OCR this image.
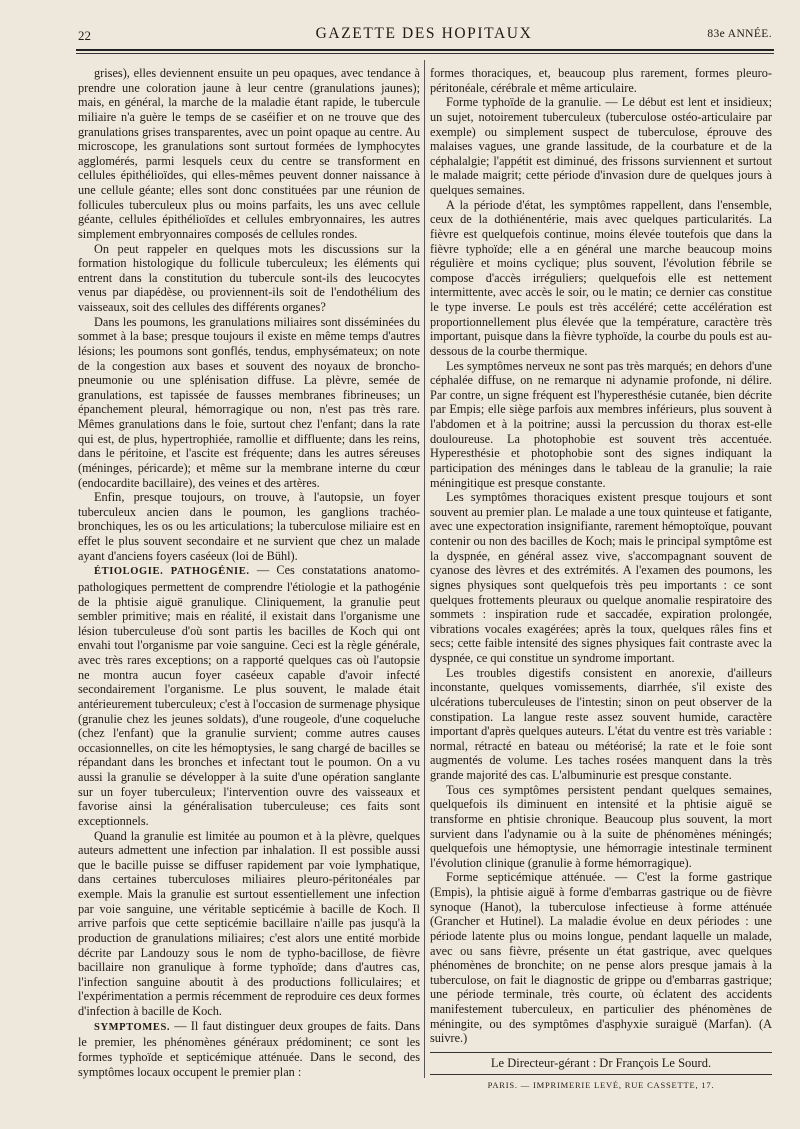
22	GAZETTE DES HOPITAUX	83e ANNÉE.

grises), elles deviennent ensuite un peu opaques, avec tendance à prendre une coloration jaune à leur centre (granulations jaunes); mais, en général, la marche de la maladie étant rapide, le tubercule miliaire n'a guère le temps de se caséifier et on ne trouve que des granulations grises transparentes, avec un point opaque au centre. Au microscope, les granulations sont surtout formées de lymphocytes agglomérés, parmi lesquels ceux du centre se transforment en cellules épithélioïdes, qui elles-mêmes peuvent donner naissance à une cellule géante; elles sont donc constituées par une réunion de follicules tuberculeux plus ou moins parfaits, les uns avec cellule géante, cellules épithélioïdes et cellules embryonnaires, les autres simplement embryonnaires composés de cellules rondes.

On peut rappeler en quelques mots les discussions sur la formation histologique du follicule tuberculeux; les éléments qui entrent dans la constitution du tubercule sont-ils des leucocytes venus par diapédèse, ou proviennent-ils soit de l'endothélium des vaisseaux, soit des cellules des différents organes?

Dans les poumons, les granulations miliaires sont disséminées du sommet à la base; presque toujours il existe en même temps d'autres lésions; les poumons sont gonflés, tendus, emphysémateux; on note de la congestion aux bases et souvent des noyaux de broncho-pneumonie ou une splénisation diffuse. La plèvre, semée de granulations, est tapissée de fausses membranes fibrineuses; un épanchement pleural, hémorragique ou non, n'est pas très rare. Mêmes granulations dans le foie, surtout chez l'enfant; dans la rate qui est, de plus, hypertrophiée, ramollie et diffluente; dans les reins, dans le péritoine, et l'ascite est fréquente; dans les autres séreuses (méninges, péricarde); et même sur la membrane interne du cœur (endocardite bacillaire), des veines et des artères.

Enfin, presque toujours, on trouve, à l'autopsie, un foyer tuberculeux ancien dans le poumon, les ganglions trachéo-bronchiques, les os ou les articulations; la tuberculose miliaire est en effet le plus souvent secondaire et ne survient que chez un malade ayant d'anciens foyers caséeux (loi de Bühl).

ÉTIOLOGIE. PATHOGÉNIE. — Ces constatations anatomo-pathologiques permettent de comprendre l'étiologie et la pathogénie de la phtisie aiguë granulique. Cliniquement, la granulie peut sembler primitive; mais en réalité, il existait dans l'organisme une lésion tuberculeuse d'où sont partis les bacilles de Koch qui ont envahi tout l'organisme par voie sanguine. Ceci est la règle générale, avec très rares exceptions; on a rapporté quelques cas où l'autopsie ne montra aucun foyer caséeux capable d'avoir infecté secondairement l'organisme. Le plus souvent, le malade était antérieurement tuberculeux; c'est à l'occasion de surmenage physique (granulie chez les jeunes soldats), d'une rougeole, d'une coqueluche (chez l'enfant) que la granulie survient; comme autres causes occasionnelles, on cite les hémoptysies, le sang chargé de bacilles se répandant dans les bronches et infectant tout le poumon. On a vu aussi la granulie se développer à la suite d'une opération sanglante sur un foyer tuberculeux; l'intervention ouvre des vaisseaux et favorise ainsi la généralisation tuberculeuse; ces faits sont exceptionnels.

Quand la granulie est limitée au poumon et à la plèvre, quelques auteurs admettent une infection par inhalation. Il est possible aussi que le bacille puisse se diffuser rapidement par voie lymphatique, dans certaines tuberculoses miliaires pleuro-péritonéales par exemple. Mais la granulie est surtout essentiellement une infection par voie sanguine, une véritable septicémie à bacille de Koch. Il arrive parfois que cette septicémie bacillaire n'aille pas jusqu'à la production de granulations miliaires; c'est alors une entité morbide décrite par Landouzy sous le nom de typho-bacillose, de fièvre bacillaire non granulique à forme typhoïde; dans d'autres cas, l'infection sanguine aboutit à des productions folliculaires; et l'expérimentation a permis récemment de reproduire ces deux formes d'infection à bacille de Koch.

SYMPTOMES. — Il faut distinguer deux groupes de faits. Dans le premier, les phénomènes généraux prédominent; ce sont les formes typhoïde et septicémique atténuée. Dans le second, des symptômes locaux occupent le premier plan :

formes thoraciques, et, beaucoup plus rarement, formes pleuro-péritonéale, cérébrale et même articulaire.

Forme typhoïde de la granulie. — Le début est lent et insidieux; un sujet, notoirement tuberculeux (tuberculose ostéo-articulaire par exemple) ou simplement suspect de tuberculose, éprouve des malaises vagues, une grande lassitude, de la courbature et de la céphalalgie; l'appétit est diminué, des frissons surviennent et surtout le malade maigrit; cette période d'invasion dure de quelques jours à quelques semaines.

A la période d'état, les symptômes rappellent, dans l'ensemble, ceux de la dothiénentérie, mais avec quelques particularités. La fièvre est quelquefois continue, moins élevée toutefois que dans la fièvre typhoïde; elle a en général une marche beaucoup moins régulière et moins cyclique; plus souvent, l'évolution fébrile se compose d'accès irréguliers; quelquefois elle est nettement intermittente, avec accès le soir, ou le matin; ce dernier cas constitue le type inverse. Le pouls est très accéléré; cette accélération est proportionnellement plus élevée que la température, caractère très important, puisque dans la fièvre typhoïde, la courbe du pouls est au-dessous de la courbe thermique.

Les symptômes nerveux ne sont pas très marqués; en dehors d'une céphalée diffuse, on ne remarque ni adynamie profonde, ni délire. Par contre, un signe fréquent est l'hyperesthésie cutanée, bien décrite par Empis; elle siège parfois aux membres inférieurs, plus souvent à l'abdomen et à la poitrine; aussi la percussion du thorax est-elle douloureuse. La photophobie est souvent très accentuée. Hyperesthésie et photophobie sont des signes indiquant la participation des méninges dans le tableau de la granulie; la raie méningitique est presque constante.

Les symptômes thoraciques existent presque toujours et sont souvent au premier plan. Le malade a une toux quinteuse et fatigante, avec une expectoration insignifiante, rarement hémoptoïque, pouvant contenir ou non des bacilles de Koch; mais le principal symptôme est la dyspnée, en général assez vive, s'accompagnant souvent de cyanose des lèvres et des extrémités. A l'examen des poumons, les signes physiques sont quelquefois très peu importants : ce sont quelques frottements pleuraux ou quelque anomalie respiratoire des sommets : inspiration rude et saccadée, expiration prolongée, vibrations vocales exagérées; après la toux, quelques râles fins et secs; cette faible intensité des signes physiques fait contraste avec la dyspnée, ce qui constitue un syndrome important.

Les troubles digestifs consistent en anorexie, d'ailleurs inconstante, quelques vomissements, diarrhée, s'il existe des ulcérations tuberculeuses de l'intestin; sinon on peut observer de la constipation. La langue reste assez souvent humide, caractère important d'après quelques auteurs. L'état du ventre est très variable : normal, rétracté en bateau ou météorisé; la rate et le foie sont augmentés de volume. Les taches rosées manquent dans la très grande majorité des cas. L'albuminurie est presque constante.

Tous ces symptômes persistent pendant quelques semaines, quelquefois ils diminuent en intensité et la phtisie aiguë se transforme en phtisie chronique. Beaucoup plus souvent, la mort survient dans l'adynamie ou à la suite de phénomènes méningés; quelquefois une hémoptysie, une hémorragie intestinale terminent l'évolution clinique (granulie à forme hémorragique).

Forme septicémique atténuée. — C'est la forme gastrique (Empis), la phtisie aiguë à forme d'embarras gastrique ou de fièvre synoque (Hanot), la tuberculose infectieuse à forme atténuée (Grancher et Hutinel). La maladie évolue en deux périodes : une période latente plus ou moins longue, pendant laquelle un malade, avec ou sans fièvre, présente un état gastrique, avec quelques phénomènes de bronchite; on ne pense alors presque jamais à la tuberculose, on fait le diagnostic de grippe ou d'embarras gastrique; une période terminale, très courte, où éclatent des accidents manifestement tuberculeux, en particulier des phénomènes de méningite, ou des symptômes d'asphyxie suraiguë (Marfan). (A suivre.)

Le Directeur-gérant : Dr François Le Sourd.
PARIS. — IMPRIMERIE LEVÉ, RUE CASSETTE, 17.
